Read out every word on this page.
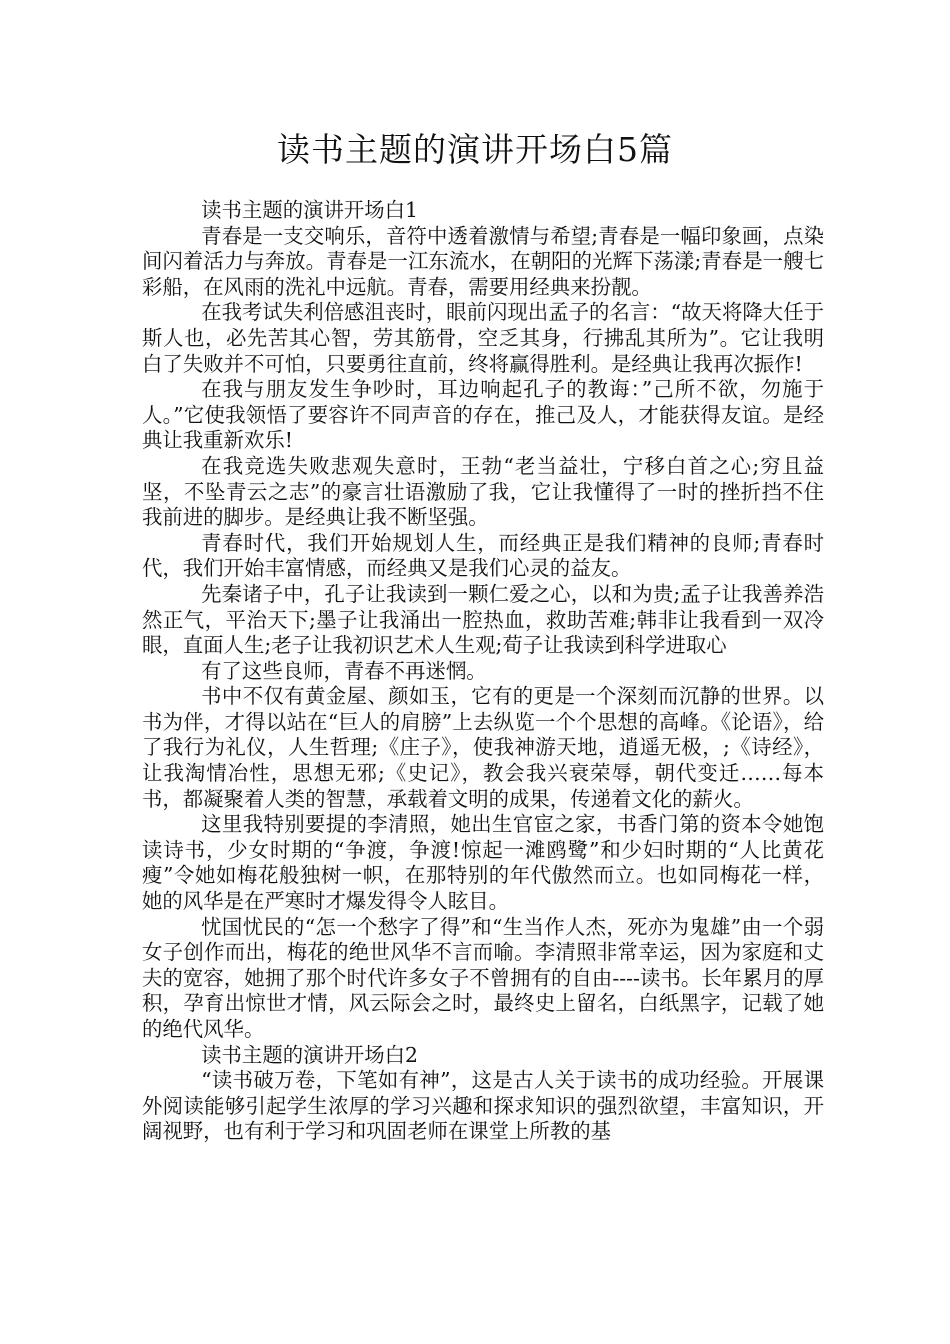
读书主题的演讲开场白5篇

读书主题的演讲开场白1

青春是一支交响乐，音符中透着激情与希望;青春是一幅印象画，点染间闪着活力与奔放。青春是一江东流水，在朝阳的光辉下荡漾;青春是一艘七彩船，在风雨的洗礼中远航。青春，需要用经典来扮靓。

在我考试失利倍感沮丧时，眼前闪现出孟子的名言：“故天将降大任于斯人也，必先苦其心智，劳其筋骨，空乏其身，行拂乱其所为”。它让我明白了失败并不可怕，只要勇往直前，终将赢得胜利。是经典让我再次振作!

在我与朋友发生争吵时，耳边响起孔子的教诲：”己所不欲，勿施于人。”它使我领悟了要容许不同声音的存在，推己及人，才能获得友谊。是经典让我重新欢乐!

在我竞选失败悲观失意时，王勃“老当益壮，宁移白首之心;穷且益坚，不坠青云之志”的豪言壮语激励了我，它让我懂得了一时的挫折挡不住我前进的脚步。是经典让我不断坚强。

青春时代，我们开始规划人生，而经典正是我们精神的良师;青春时代，我们开始丰富情感，而经典又是我们心灵的益友。

先秦诸子中，孔子让我读到一颗仁爱之心，以和为贵;孟子让我善养浩然正气，平治天下;墨子让我涌出一腔热血，救助苦难;韩非让我看到一双冷眼，直面人生;老子让我初识艺术人生观;荀子让我读到科学进取心

有了这些良师，青春不再迷惘。

书中不仅有黄金屋、颜如玉，它有的更是一个深刻而沉静的世界。以书为伴，才得以站在“巨人的肩膀”上去纵览一个个思想的高峰。《论语》，给了我行为礼仪，人生哲理;《庄子》，使我神游天地，逍遥无极，;《诗经》，让我淘情冶性，思想无邪;《史记》，教会我兴衰荣辱，朝代变迁……每本书，都凝聚着人类的智慧，承载着文明的成果，传递着文化的薪火。

这里我特别要提的李清照，她出生官宦之家，书香门第的资本令她饱读诗书，少女时期的“争渡，争渡!惊起一滩鸥鹭”和少妇时期的“人比黄花瘦”令她如梅花般独树一帜，在那特别的年代傲然而立。也如同梅花一样，她的风华是在严寒时才爆发得令人眩目。

忧国忧民的“怎一个愁字了得”和“生当作人杰，死亦为鬼雄”由一个弱女子创作而出，梅花的绝世风华不言而喻。李清照非常幸运，因为家庭和丈夫的宽容，她拥了那个时代许多女子不曾拥有的自由----读书。长年累月的厚积，孕育出惊世才情，风云际会之时，最终史上留名，白纸黑字，记载了她的绝代风华。

读书主题的演讲开场白2

“读书破万卷，下笔如有神”，这是古人关于读书的成功经验。开展课外阅读能够引起学生浓厚的学习兴趣和探求知识的强烈欲望，丰富知识，开阔视野，也有利于学习和巩固老师在课堂上所教的基
